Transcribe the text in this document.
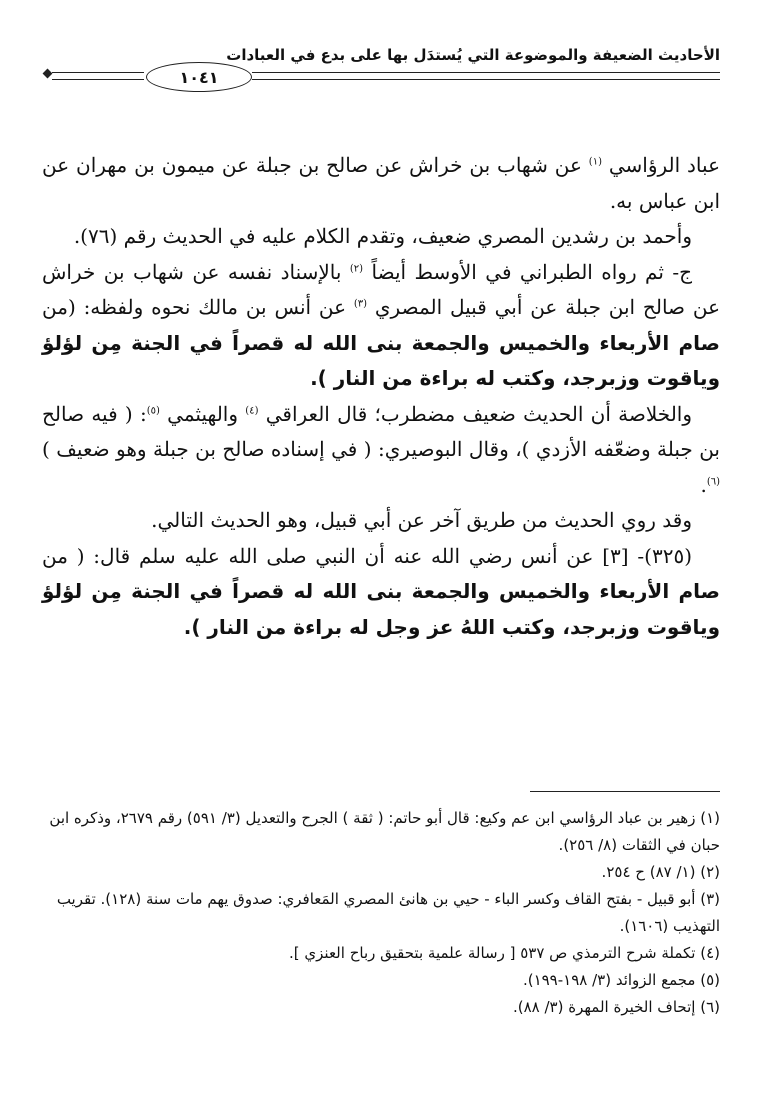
الأحاديث الضعيفة والموضوعة التي يُستدَل بها على بدع في العبادات
١٠٤١

عباد الرؤاسي $^{(١)}$ عن شهاب بن خراش عن صالح بن جبلة عن ميمون بن مهران عن ابن عباس به.

وأحمد بن رشدين المصري ضعيف، وتقدم الكلام عليه في الحديث رقم (٧٦).

ج- ثم رواه الطبراني في الأوسط أيضاً $^{(٢)}$ بالإسناد نفسه عن شهاب بن خراش عن صالح ابن جبلة عن أبي قبيل المصري $^{(٣)}$ عن أنس بن مالك نحوه ولفظه: (من صام الأربعاء والخميس والجمعة بنى الله له قصراً في الجنة مِن لؤلؤ وياقوت وزبرجد، وكتب له براءة من النار ).

والخلاصة أن الحديث ضعيف مضطرب؛ قال العراقي $^{(٤)}$ والهيثمي $^{(٥)}$: ( فيه صالح بن جبلة وضعّفه الأزدي )، وقال البوصيري: ( في إسناده صالح بن جبلة وهو ضعيف ) $^{(٦)}$.

وقد روي الحديث من طريق آخر عن أبي قبيل، وهو الحديث التالي.

(٣٢٥)- [٣] عن أنس رضي الله عنه أن النبي صلى الله عليه سلم قال: ( من صام الأربعاء والخميس والجمعة بنى الله له قصراً في الجنة مِن لؤلؤ وياقوت وزبرجد، وكتب اللهُ عز وجل له براءة من النار ).

(١) زهير بن عباد الرؤاسي ابن عم وكيع: قال أبو حاتم: ( ثقة ) الجرح والتعديل (٣/ ٥٩١) رقم ٢٦٧٩، وذكره ابن حبان في الثقات (٨/ ٢٥٦).

(٢) (١/ ٨٧) ح ٢٥٤.

(٣) أبو قبيل - بفتح القاف وكسر الباء - حيي بن هانئ المصري المَعافري: صدوق يهم مات سنة (١٢٨). تقريب التهذيب (١٦٠٦).

(٤) تكملة شرح الترمذي ص ٥٣٧ [ رسالة علمية بتحقيق رباح العنزي ].

(٥) مجمع الزوائد (٣/ ١٩٨-١٩٩).

(٦) إتحاف الخيرة المهرة (٣/ ٨٨).
